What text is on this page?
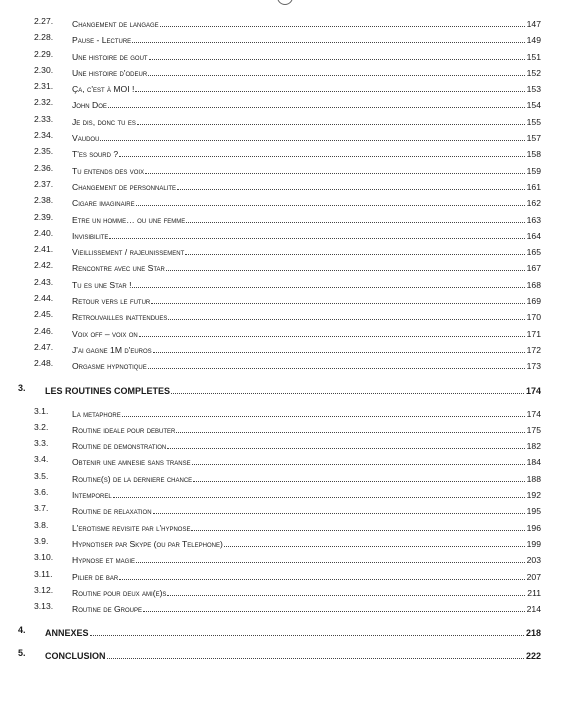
2.27. Changement de langage	147
2.28. Pause - Lecture	149
2.29. Une histoire de gout	151
2.30. Une histoire d'odeur	152
2.31. Ça, c'est à MOI !	153
2.32. John Doe	154
2.33. Je dis, donc tu es	155
2.34. Vaudou	157
2.35. T'es sourd ?	158
2.36. Tu entends des voix	159
2.37. Changement de personnalite	161
2.38. Cigare imaginaire	162
2.39. Etre un homme… ou une femme	163
2.40. Invisibilite	164
2.41. Vieillissement / rajeunissement	165
2.42. Rencontre avec une Star	167
2.43. Tu es une Star !	168
2.44. Retour vers le futur	169
2.45. Retrouvailles inattendues	170
2.46. Voix off – voix on	171
2.47. J'ai gagne 1M d'euros	172
2.48. Orgasme hypnotique	173
3. LES ROUTINES COMPLETES	174
3.1.	La metaphore	174
3.2.	Routine ideale pour debuter	175
3.3.	Routine de demonstration	182
3.4.	Obtenir une amnesie sans transe	184
3.5.	Routine(s) de la derniere chance	188
3.6.	Intemporel	192
3.7.	Routine de relaxation	195
3.8.	L'erotisme revisite par l'hypnose	196
3.9.	Hypnotiser par Skype (ou par Telephone)	199
3.10. Hypnose et magie	203
3.11. Pilier de bar	207
3.12. Routine pour deux ami(e)s	211
3.13. Routine de Groupe	214
4. ANNEXES	218
5. CONCLUSION	222
